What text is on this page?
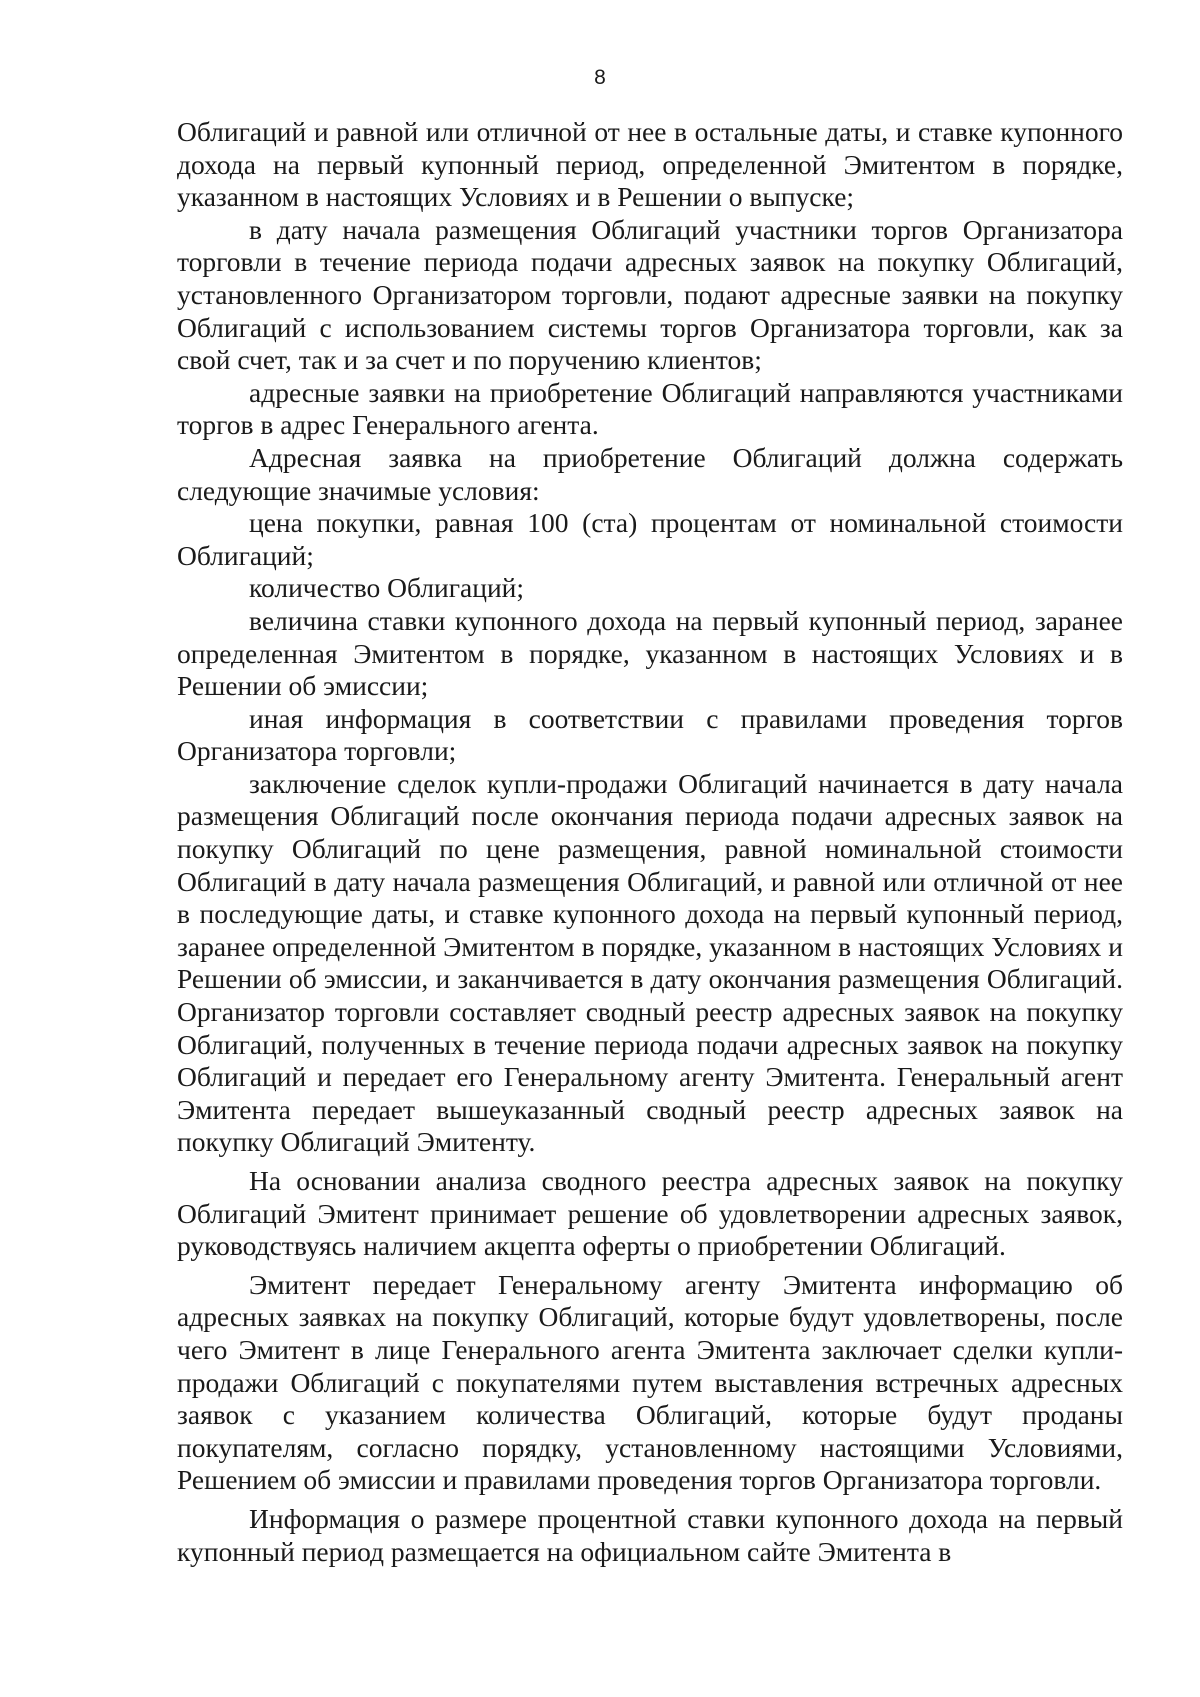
8

Облигаций и равной или отличной от нее в остальные даты, и ставке купонного дохода на первый купонный период, определенной Эмитентом в порядке, указанном в настоящих Условиях и в Решении о выпуске;

в дату начала размещения Облигаций участники торгов Организатора торговли в течение периода подачи адресных заявок на покупку Облигаций, установленного Организатором торговли, подают адресные заявки на покупку Облигаций с использованием системы торгов Организатора торговли, как за свой счет, так и за счет и по поручению клиентов;

адресные заявки на приобретение Облигаций направляются участниками торгов в адрес Генерального агента.

Адресная заявка на приобретение Облигаций должна содержать следующие значимые условия:

цена покупки, равная 100 (ста) процентам от номинальной стоимости Облигаций;

количество Облигаций;

величина ставки купонного дохода на первый купонный период, заранее определенная Эмитентом в порядке, указанном в настоящих Условиях и в Решении об эмиссии;

иная информация в соответствии с правилами проведения торгов Организатора торговли;

заключение сделок купли-продажи Облигаций начинается в дату начала размещения Облигаций после окончания периода подачи адресных заявок на покупку Облигаций по цене размещения, равной номинальной стоимости Облигаций в дату начала размещения Облигаций, и равной или отличной от нее в последующие даты, и ставке купонного дохода на первый купонный период, заранее определенной Эмитентом в порядке, указанном в настоящих Условиях и Решении об эмиссии, и заканчивается в дату окончания размещения Облигаций. Организатор торговли составляет сводный реестр адресных заявок на покупку Облигаций, полученных в течение периода подачи адресных заявок на покупку Облигаций и передает его Генеральному агенту Эмитента. Генеральный агент Эмитента передает вышеуказанный сводный реестр адресных заявок на покупку Облигаций Эмитенту.

На основании анализа сводного реестра адресных заявок на покупку Облигаций Эмитент принимает решение об удовлетворении адресных заявок, руководствуясь наличием акцепта оферты о приобретении Облигаций.

Эмитент передает Генеральному агенту Эмитента информацию об адресных заявках на покупку Облигаций, которые будут удовлетворены, после чего Эмитент в лице Генерального агента Эмитента заключает сделки купли-продажи Облигаций с покупателями путем выставления встречных адресных заявок с указанием количества Облигаций, которые будут проданы покупателям, согласно порядку, установленному настоящими Условиями, Решением об эмиссии и правилами проведения торгов Организатора торговли.

Информация о размере процентной ставки купонного дохода на первый купонный период размещается на официальном сайте Эмитента в
